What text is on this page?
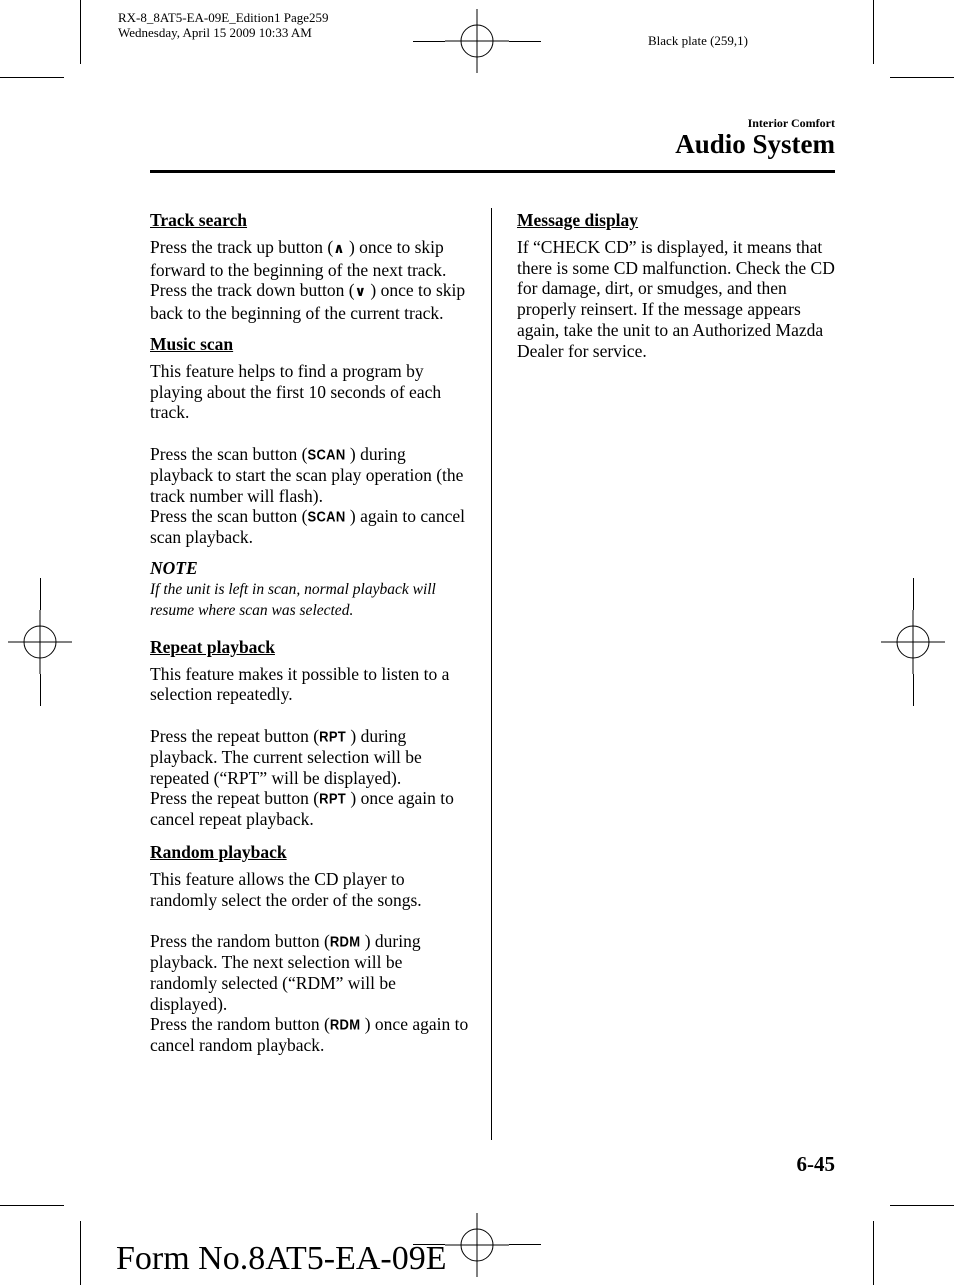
RX-8_8AT5-EA-09E_Edition1 Page259
Wednesday, April 15 2009 10:33 AM
Black plate (259,1)
Interior Comfort
Audio System
Track search

Press the track up button (∧ ) once to skip forward to the beginning of the next track.

Press the track down button (∨ ) once to skip back to the beginning of the current track.

Music scan

This feature helps to find a program by playing about the first 10 seconds of each track.

Press the scan button (SCAN ) during playback to start the scan play operation (the track number will flash).

Press the scan button (SCAN ) again to cancel scan playback.

NOTE
If the unit is left in scan, normal playback will resume where scan was selected.
Repeat playback

This feature makes it possible to listen to a selection repeatedly.

Press the repeat button (RPT ) during playback. The current selection will be repeated (“RPT” will be displayed).

Press the repeat button (RPT ) once again to cancel repeat playback.

Random playback

This feature allows the CD player to randomly select the order of the songs.

Press the random button (RDM ) during playback. The next selection will be randomly selected (“RDM” will be displayed).

Press the random button (RDM ) once again to cancel random playback.

Message display

If “CHECK CD” is displayed, it means that there is some CD malfunction. Check the CD for damage, dirt, or smudges, and then properly reinsert. If the message appears again, take the unit to an Authorized Mazda Dealer for service.

6-45
Form No.8AT5-EA-09E
